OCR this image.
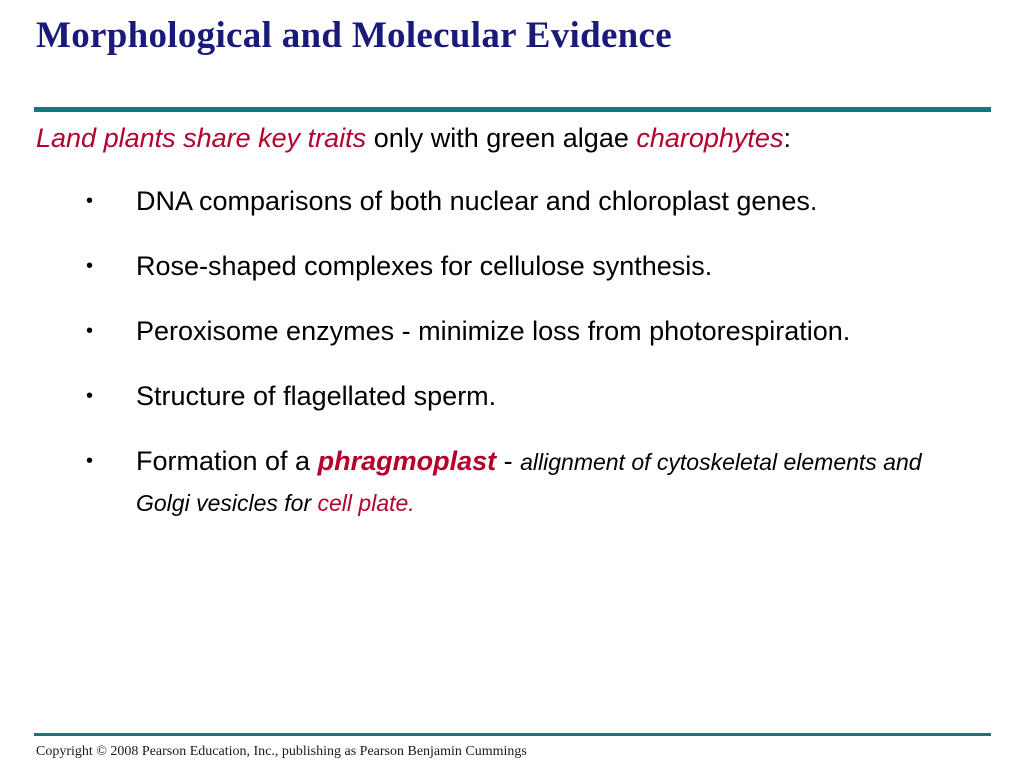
Morphological and Molecular Evidence

Land plants share key traits only with green algae charophytes:

• DNA comparisons of both nuclear and chloroplast genes.
• Rose-shaped complexes for cellulose synthesis.
• Peroxisome enzymes - minimize loss from photorespiration.
• Structure of flagellated sperm.
• Formation of a phragmoplast - allignment of cytoskeletal elements and Golgi vesicles for cell plate.
Copyright © 2008 Pearson Education, Inc., publishing as Pearson Benjamin Cummings
